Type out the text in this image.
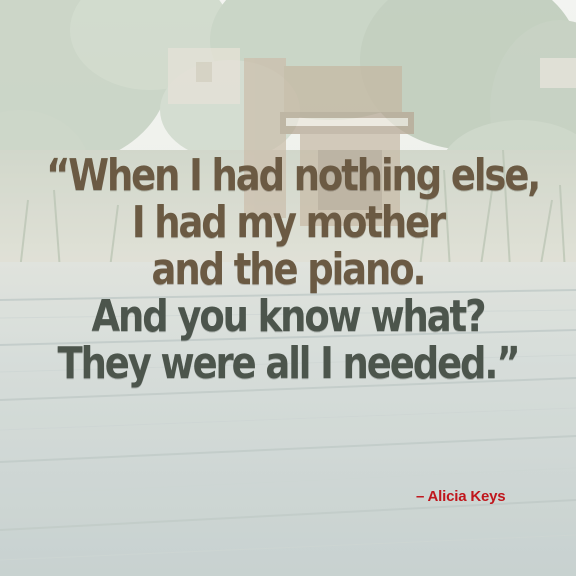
“When I had nothing else,
I had my mother
and the piano.
And you know what?
They were all I needed.”

– Alicia Keys
